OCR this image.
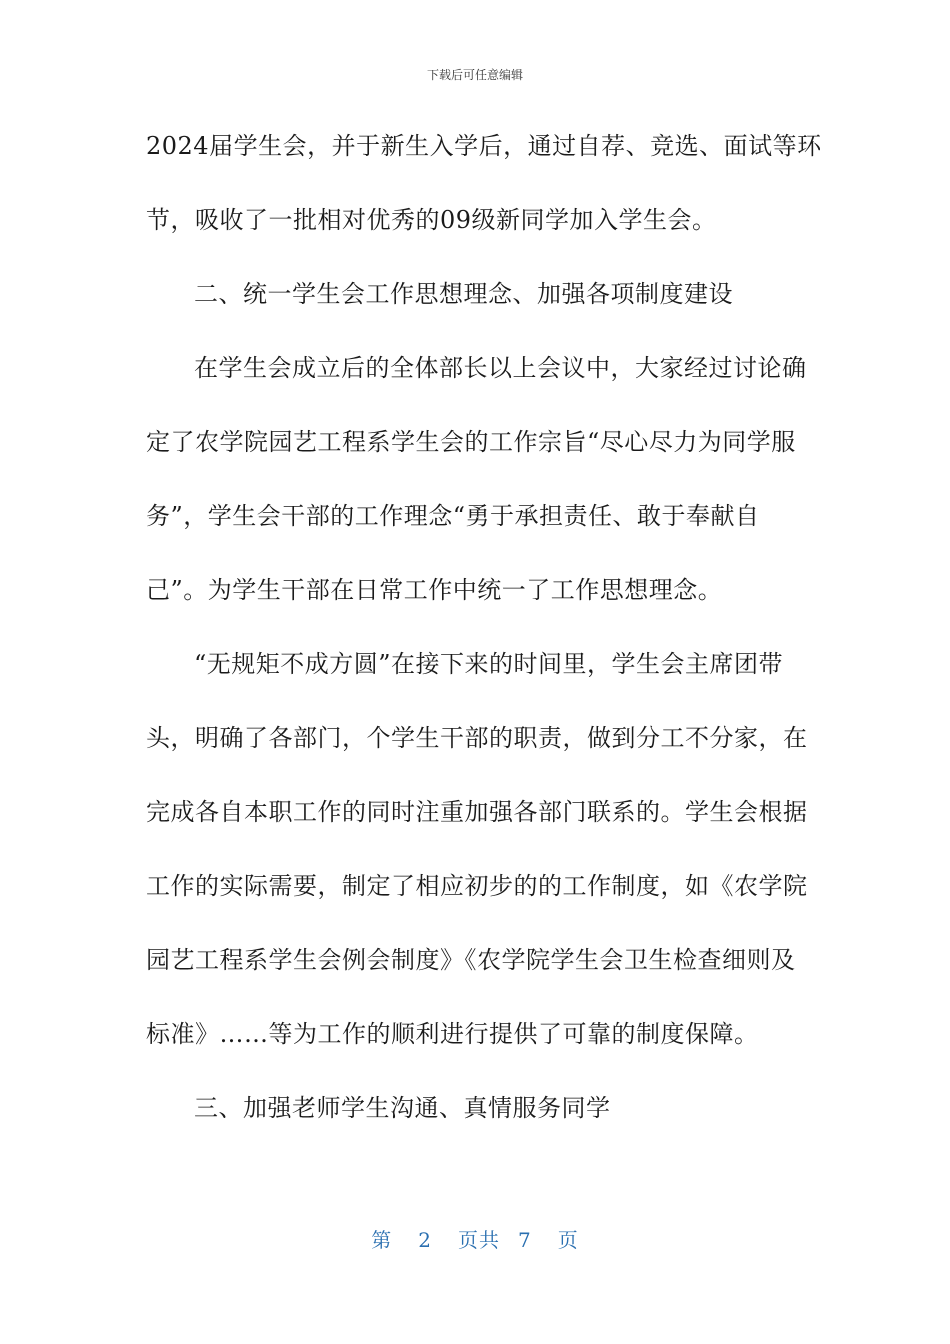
下载后可任意编辑
2024届学生会，并于新生入学后，通过自荐、竞选、面试等环
节，吸收了一批相对优秀的09级新同学加入学生会。
二、统一学生会工作思想理念、加强各项制度建设
在学生会成立后的全体部长以上会议中，大家经过讨论确
定了农学院园艺工程系学生会的工作宗旨“尽心尽力为同学服
务”，学生会干部的工作理念“勇于承担责任、敢于奉献自
己”。为学生干部在日常工作中统一了工作思想理念。
“无规矩不成方圆”在接下来的时间里，学生会主席团带
头，明确了各部门，个学生干部的职责，做到分工不分家，在
完成各自本职工作的同时注重加强各部门联系的。学生会根据
工作的实际需要，制定了相应初步的的工作制度，如《农学院
园艺工程系学生会例会制度》《农学院学生会卫生检查细则及
标准》……等为工作的顺利进行提供了可靠的制度保障。
三、加强老师学生沟通、真情服务同学
第 2 页共 7 页
